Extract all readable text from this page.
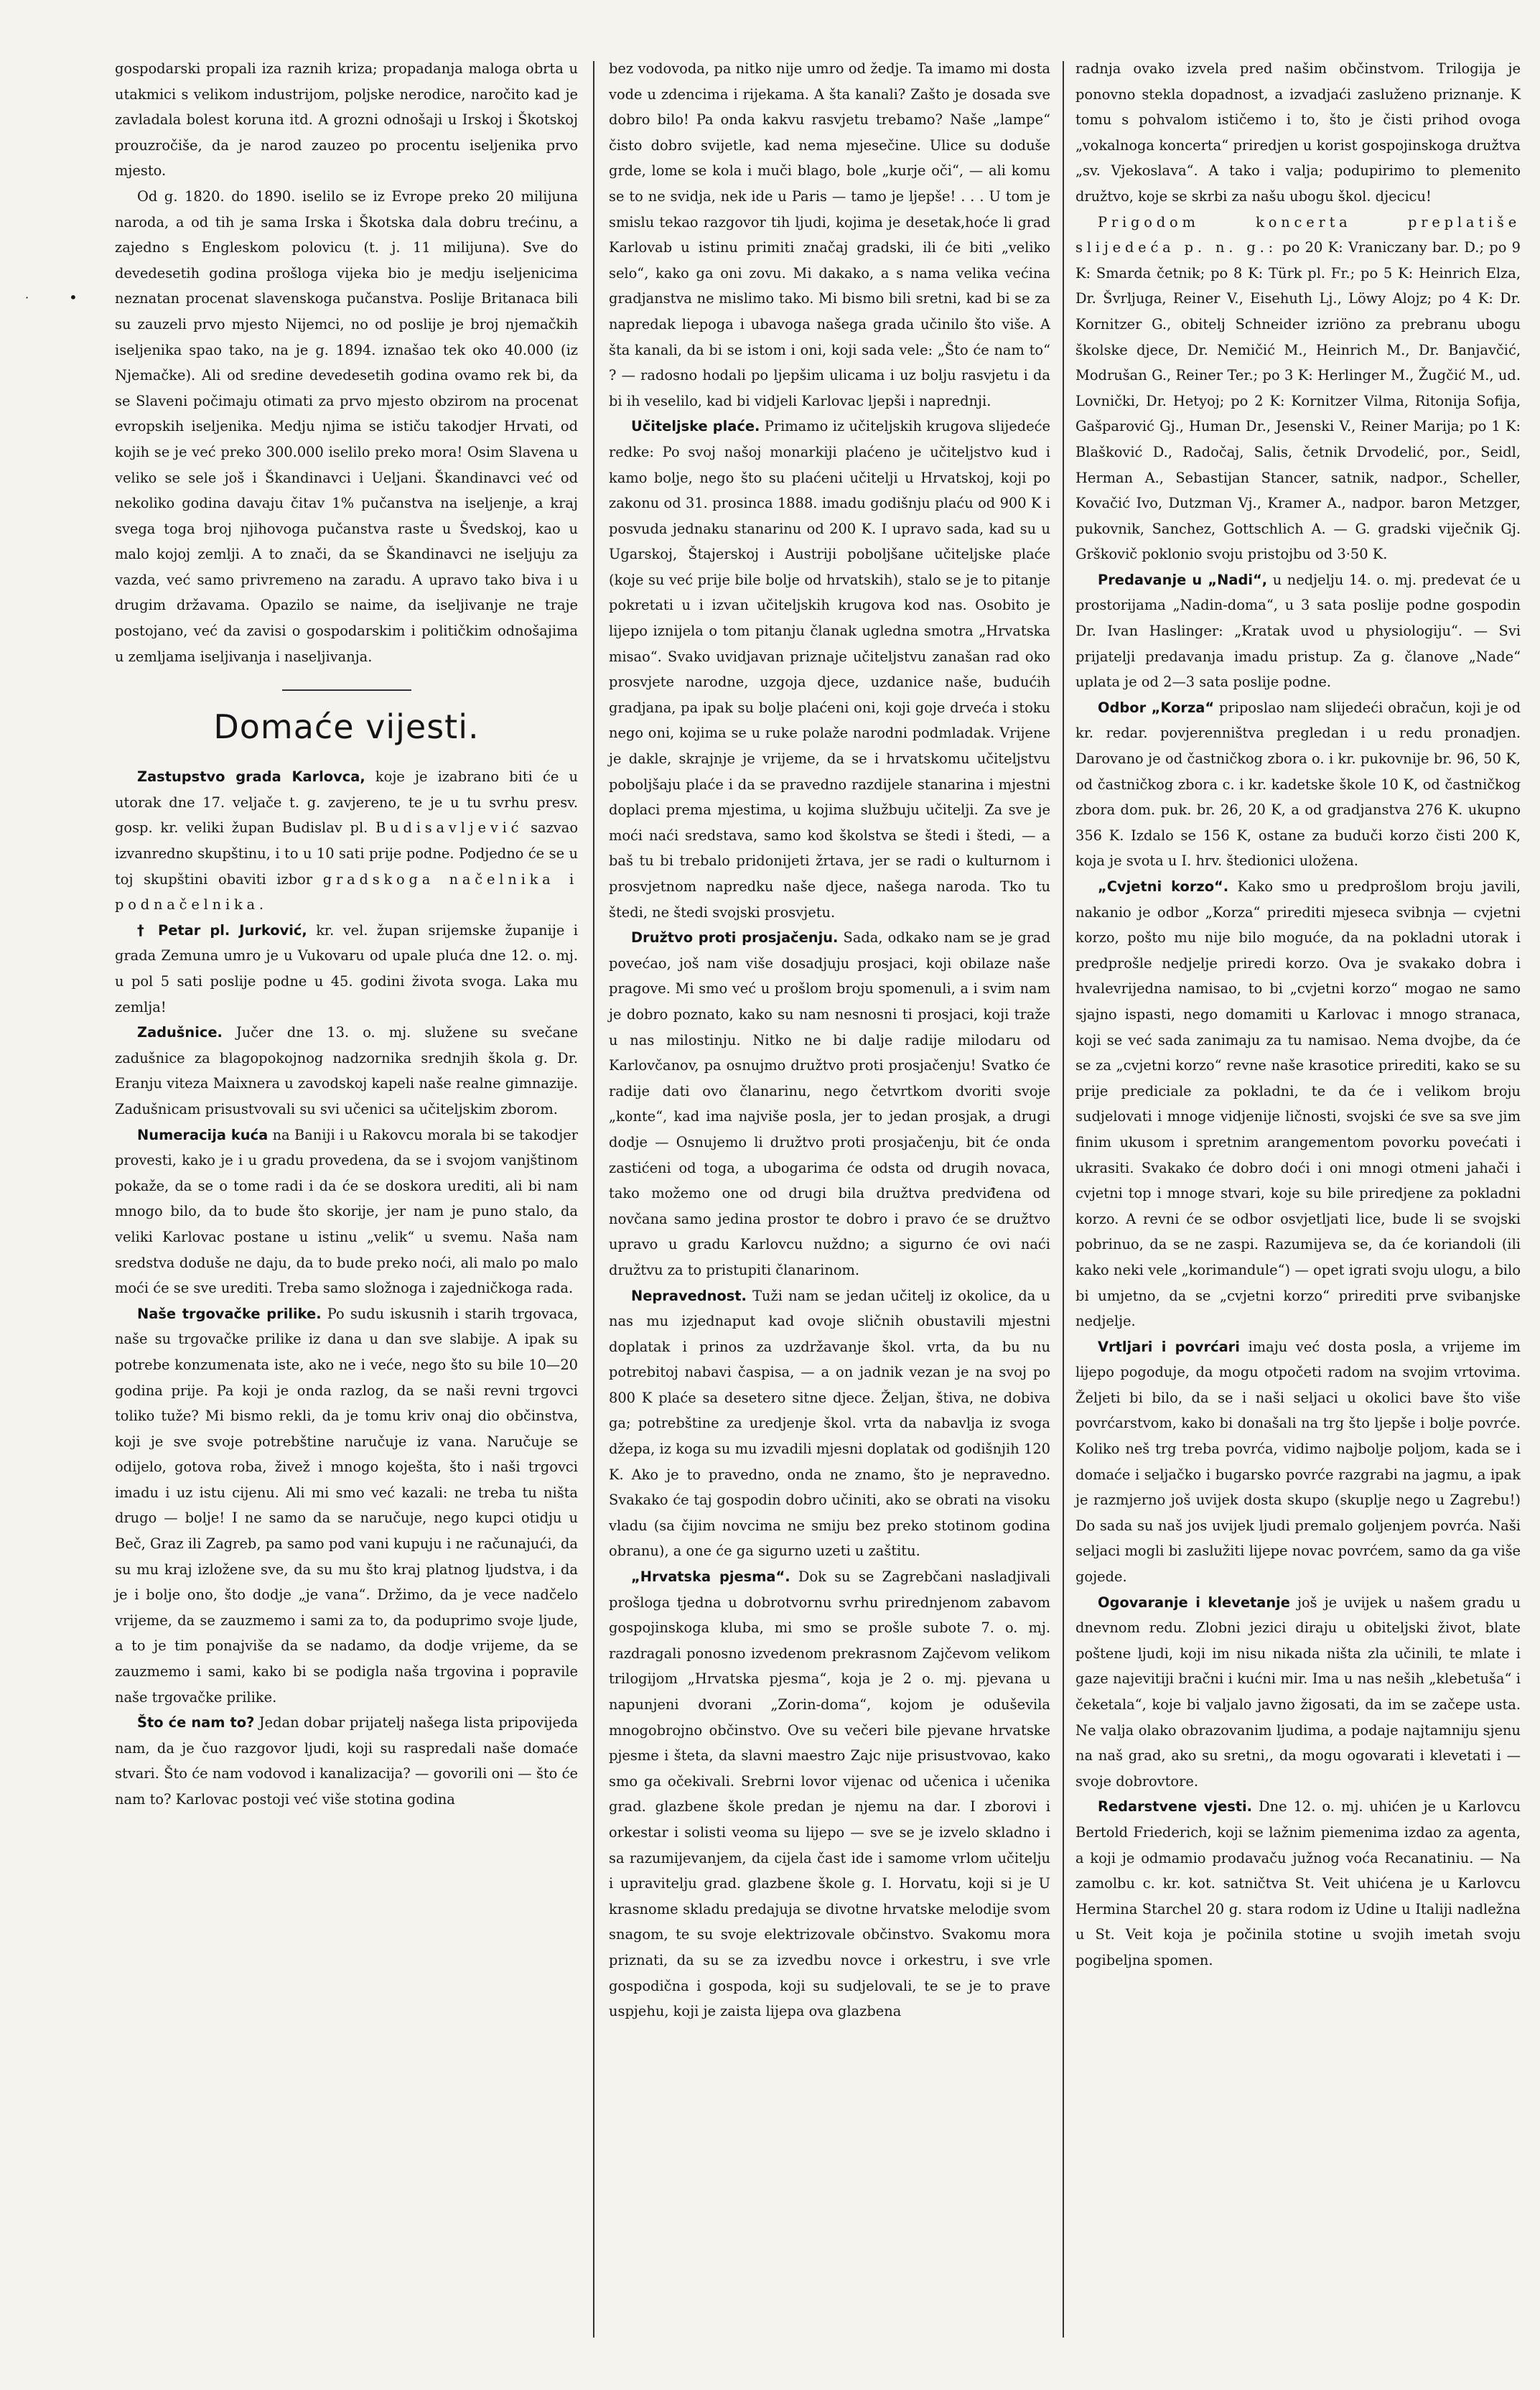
•
·

gospodarski propali iza raznih kriza; propadanja maloga obrta u utakmici s velikom industrijom, poljske nerodice, naročito kad je zavladala bolest koruna itd. A grozni odnošaji u Irskoj i Škotskoj prouzročiše, da je narod zauzeo po procentu iseljenika prvo mjesto.

Od g. 1820. do 1890. iselilo se iz Evrope preko 20 milijuna naroda, a od tih je sama Irska i Škotska dala dobru trećinu, a zajedno s Engleskom polovicu (t. j. 11 milijuna). Sve do devedesetih godina prošloga vijeka bio je medju iseljenicima neznatan procenat slavenskoga pučanstva. Poslije Britanaca bili su zauzeli prvo mjesto Nijemci, no od poslije je broj njemačkih iseljenika spao tako, na je g. 1894. iznašao tek oko 40.000 (iz Njemačke). Ali od sredine devedesetih godina ovamo rek bi, da se Slaveni počimaju otimati za prvo mjesto obzirom na procenat evropskih iseljenika. Medju njima se ističu takodjer Hrvati, od kojih se je već preko 300.000 iselilo preko mora! Osim Slavena u veliko se sele još i Škandinavci i Ueljani. Škandinavci već od nekoliko godina davaju čitav 1% pučanstva na iseljenje, a kraj svega toga broj njihovoga pučanstva raste u Švedskoj, kao u malo kojoj zemlji. A to znači, da se Škandinavci ne iseljuju za vazda, već samo privremeno na zaradu. A upravo tako biva i u drugim državama. Opazilo se naime, da iseljivanje ne traje postojano, već da zavisi o gospodarskim i političkim odnošajima u zemljama iseljivanja i naseljivanja.

Domaće vijesti.

Zastupstvo grada Karlovca, koje je izabrano biti će u utorak dne 17. veljače t. g. zavjereno, te je u tu svrhu presv. gosp. kr. veliki župan Budislav pl. Budisavljević sazvao izvanredno skupštinu, i to u 10 sati prije podne. Podjedno će se u toj skupštini obaviti izbor gradskoga načelnika i podnačelnika.

† Petar pl. Jurković, kr. vel. župan srijemske županije i grada Zemuna umro je u Vukovaru od upale pluća dne 12. o. mj. u pol 5 sati poslije podne u 45. godini života svoga. Laka mu zemlja!

Zadušnice. Jučer dne 13. o. mj. služene su svečane zadušnice za blagopokojnog nadzornika srednjih škola g. Dr. Eranju viteza Maixnera u zavodskoj kapeli naše realne gimnazije. Zadušnicam prisustvovali su svi učenici sa učiteljskim zborom.

Numeracija kuća na Baniji i u Rakovcu morala bi se takodjer provesti, kako je i u gradu provedena, da se i svojom vanjštinom pokaže, da se o tome radi i da će se doskora urediti, ali bi nam mnogo bilo, da to bude što skorije, jer nam je puno stalo, da veliki Karlovac postane u istinu „velik“ u svemu. Naša nam sredstva doduše ne daju, da to bude preko noći, ali malo po malo moći će se sve urediti. Treba samo složnoga i zajedničkoga rada.

Naše trgovačke prilike. Po sudu iskusnih i starih trgovaca, naše su trgovačke prilike iz dana u dan sve slabije. A ipak su potrebe konzumenata iste, ako ne i veće, nego što su bile 10—20 godina prije. Pa koji je onda razlog, da se naši revni trgovci toliko tuže? Mi bismo rekli, da je tomu kriv onaj dio občinstva, koji je sve svoje potrebštine naručuje iz vana. Naručuje se odijelo, gotova roba, živež i mnogo koješta, što i naši trgovci imadu i uz istu cijenu. Ali mi smo već kazali: ne treba tu ništa drugo — bolje! I ne samo da se naručuje, nego kupci otidju u Beč, Graz ili Zagreb, pa samo pod vani kupuju i ne računajući, da su mu kraj izložene sve, da su mu što kraj platnog ljudstva, i da je i bolje ono, što dodje „je vana“. Držimo, da je vece nadčelo vrijeme, da se zauzmemo i sami za to, da poduprimo svoje ljude, a to je tim ponajviše da se nadamo, da dodje vrijeme, da se zauzmemo i sami, kako bi se podigla naša trgovina i popravile naše trgovačke prilike.

Što će nam to? Jedan dobar prijatelj našega lista pripovijeda nam, da je čuo razgovor ljudi, koji su raspredali naše domaće stvari. Što će nam vodovod i kanalizacija? — govorili oni — što će nam to? Karlovac postoji već više stotina godina

bez vodovoda, pa nitko nije umro od žedje. Ta imamo mi dosta vode u zdencima i rijekama. A šta kanali? Zašto je dosada sve dobro bilo! Pa onda kakvu rasvjetu trebamo? Naše „lampe“ čisto dobro svijetle, kad nema mjesečine. Ulice su doduše grde, lome se kola i muči blago, bole „kurje oči“, — ali komu se to ne svidja, nek ide u Paris — tamo je ljepše! . . . U tom je smislu tekao razgovor tih ljudi, kojima je desetak,hoće li grad Karlovab u istinu primiti značaj gradski, ili će biti „veliko selo“, kako ga oni zovu. Mi dakako, a s nama velika većina gradjanstva ne mislimo tako. Mi bismo bili sretni, kad bi se za napredak liepoga i ubavoga našega grada učinilo što više. A šta kanali, da bi se istom i oni, koji sada vele: „Što će nam to“ ? — radosno hodali po ljepšim ulicama i uz bolju rasvjetu i da bi ih veselilo, kad bi vidjeli Karlovac ljepši i naprednji.

Učiteljske plaće. Primamo iz učiteljskih krugova slijedeće redke: Po svoj našoj monarkiji plaćeno je učiteljstvo kud i kamo bolje, nego što su plaćeni učitelji u Hrvatskoj, koji po zakonu od 31. prosinca 1888. imadu godišnju plaću od 900 K i posvuda jednaku stanarinu od 200 K. I upravo sada, kad su u Ugarskoj, Štajerskoj i Austriji poboljšane učiteljske plaće (koje su već prije bile bolje od hrvatskih), stalo se je to pitanje pokretati u i izvan učiteljskih krugova kod nas. Osobito je lijepo iznijela o tom pitanju članak ugledna smotra „Hrvatska misao“. Svako uvidjavan priznaje učiteljstvu zanašan rad oko prosvjete narodne, uzgoja djece, uzdanice naše, budućih gradjana, pa ipak su bolje plaćeni oni, koji goje drveća i stoku nego oni, kojima se u ruke polaže narodni podmladak. Vrijene je dakle, skrajnje je vrijeme, da se i hrvatskomu učiteljstvu poboljšaju plaće i da se pravedno razdijele stanarina i mjestni doplaci prema mjestima, u kojima službuju učitelji. Za sve je moći naći sredstava, samo kod školstva se štedi i štedi, — a baš tu bi trebalo pridonijeti žrtava, jer se radi o kulturnom i prosvjetnom napredku naše djece, našega naroda. Tko tu štedi, ne štedi svojski prosvjetu.

Družtvo proti prosjačenju. Sada, odkako nam se je grad povećao, još nam više dosadjuju prosjaci, koji obilaze naše pragove. Mi smo već u prošlom broju spomenuli, a i svim nam je dobro poznato, kako su nam nesnosni ti prosjaci, koji traže u nas milostinju. Nitko ne bi dalje radije milodaru od Karlovčanov, pa osnujmo družtvo proti prosjačenju! Svatko će radije dati ovo članarinu, nego četvrtkom dvoriti svoje „konte“, kad ima najviše posla, jer to jedan prosjak, a drugi dodje — Osnujemo li družtvo proti prosjačenju, bit će onda zastićeni od toga, a ubogarima će odsta od drugih novaca, tako možemo one od drugi bila družtva predviđena od novčana samo jedina prostor te dobro i pravo će se družtvo upravo u gradu Karlovcu nuždno; a sigurno će ovi naći družtvu za to pristupiti članarinom.

Nepravednost. Tuži nam se jedan učitelj iz okolice, da u nas mu izjednaput kad ovoje sličnih obustavili mjestni doplatak i prinos za uzdržavanje škol. vrta, da bu nu potrebitoj nabavi časpisa, — a on jadnik vezan je na svoj po 800 K plaće sa desetero sitne djece. Željan, štiva, ne dobiva ga; potrebštine za uredjenje škol. vrta da nabavlja iz svoga džepa, iz koga su mu izvadili mjesni doplatak od godišnjih 120 K. Ako je to pravedno, onda ne znamo, što je nepravedno. Svakako će taj gospodin dobro učiniti, ako se obrati na visoku vladu (sa čijim novcima ne smiju bez preko stotinom godina obranu), a one će ga sigurno uzeti u zaštitu.

„Hrvatska pjesma“. Dok su se Zagrebčani nasladjivali prošloga tjedna u dobrotvornu svrhu prirednjenom zabavom gospojinskoga kluba, mi smo se prošle subote 7. o. mj. razdragali ponosno izvedenom prekrasnom Zajčevom velikom trilogijom „Hrvatska pjesma“, koja je 2 o. mj. pjevana u napunjeni dvorani „Zorin-doma“, kojom je oduševila mnogobrojno občinstvo. Ove su večeri bile pjevane hrvatske pjesme i šteta, da slavni maestro Zajc nije prisustvovao, kako smo ga očekivali. Srebrni lovor vijenac od učenica i učenika grad. glazbene škole predan je njemu na dar. I zborovi i orkestar i solisti veoma su lijepo — sve se je izvelo skladno i sa razumijevanjem, da cijela čast ide i samome vrlom učitelju i upravitelju grad. glazbene škole g. I. Horvatu, koji si je U krasnome skladu predajuja se divotne hrvatske melodije svom snagom, te su svoje elektrizovale občinstvo. Svakomu mora priznati, da su se za izvedbu novce i orkestru, i sve vrle gospodična i gospoda, koji su sudjelovali, te se je to prave uspjehu, koji je zaista lijepa ova glazbena

radnja ovako izvela pred našim občinstvom. Trilogija je ponovno stekla dopadnost, a izvadjaći zasluženo priznanje. K tomu s pohvalom ističemo i to, što je čisti prihod ovoga „vokalnoga koncerta“ priredjen u korist gospojinskoga družtva „sv. Vjekoslava“. A tako i valja; podupirimo to plemenito družtvo, koje se skrbi za našu ubogu škol. djecicu!

Prigodom koncerta preplatiše slijedeća p. n. g.: po 20 K: Vraniczany bar. D.; po 9 K: Smarda četnik; po 8 K: Türk pl. Fr.; po 5 K: Heinrich Elza, Dr. Švrljuga, Reiner V., Eisehuth Lj., Löwy Alojz; po 4 K: Dr. Kornitzer G., obitelj Schneider izriöno za prebranu ubogu školske djece, Dr. Nemičić M., Heinrich M., Dr. Banjavčić, Modrušan G., Reiner Ter.; po 3 K: Herlinger M., Žugčić M., ud. Lovnički, Dr. Hetyoj; po 2 K: Kornitzer Vilma, Ritonija Sofija, Gašparović Gj., Human Dr., Jesenski V., Reiner Marija; po 1 K: Blašković D., Radočaj, Salis, četnik Drvodelić, por., Seidl, Herman A., Sebastijan Stancer, satnik, nadpor., Scheller, Kovačić Ivo, Dutzman Vj., Kramer A., nadpor. baron Metzger, pukovnik, Sanchez, Gottschlich A. — G. gradski viječnik Gj. Grškovič poklonio svoju pristojbu od 3·50 K.

Predavanje u „Nadi“, u nedjelju 14. o. mj. predevat će u prostorijama „Nadin-doma“, u 3 sata poslije podne gospodin Dr. Ivan Haslinger: „Kratak uvod u physiologiju“. — Svi prijatelji predavanja imadu pristup. Za g. članove „Nade“ uplata je od 2—3 sata poslije podne.

Odbor „Korza“ priposlao nam slijedeći obračun, koji je od kr. redar. povjerenništva pregledan i u redu pronadjen. Darovano je od častničkog zbora o. i kr. pukovnije br. 96, 50 K, od častničkog zbora c. i kr. kadetske škole 10 K, od častničkog zbora dom. puk. br. 26, 20 K, a od gradjanstva 276 K. ukupno 356 K. Izdalo se 156 K, ostane za buduči korzo čisti 200 K, koja je svota u I. hrv. štedionici uložena.

„Cvjetni korzo“. Kako smo u predprošlom broju javili, nakanio je odbor „Korza“ prirediti mjeseca svibnja — cvjetni korzo, pošto mu nije bilo moguće, da na pokladni utorak i predprošle nedjelje priredi korzo. Ova je svakako dobra i hvalevrijedna namisao, to bi „cvjetni korzo“ mogao ne samo sjajno ispasti, nego domamiti u Karlovac i mnogo stranaca, koji se već sada zanimaju za tu namisao. Nema dvojbe, da će se za „cvjetni korzo“ revne naše krasotice prirediti, kako se su prije prediciale za pokladni, te da će i velikom broju sudjelovati i mnoge vidjenije ličnosti, svojski će sve sa sve jim finim ukusom i spretnim arangementom povorku povećati i ukrasiti. Svakako će dobro doći i oni mnogi otmeni jahači i cvjetni top i mnoge stvari, koje su bile priredjene za pokladni korzo. A revni će se odbor osvjetljati lice, bude li se svojski pobrinuo, da se ne zaspi. Razumijeva se, da će koriandoli (ili kako neki vele „korimandule“) — opet igrati svoju ulogu, a bilo bi umjetno, da se „cvjetni korzo“ prirediti prve svibanjske nedjelje.

Vrtljari i povrćari imaju već dosta posla, a vrijeme im lijepo pogoduje, da mogu otpočeti radom na svojim vrtovima. Željeti bi bilo, da se i naši seljaci u okolici bave što više povrćarstvom, kako bi donašali na trg što ljepše i bolje povrće. Koliko neš trg treba povrća, vidimo najbolje poljom, kada se i domaće i seljačko i bugarsko povrće razgrabi na jagmu, a ipak je razmjerno još uvijek dosta skupo (skuplje nego u Zagrebu!) Do sada su naš jos uvijek ljudi premalo goljenjem povrća. Naši seljaci mogli bi zaslužiti lijepe novac povrćem, samo da ga više gojede.

Ogovaranje i klevetanje još je uvijek u našem gradu u dnevnom redu. Zlobni jezici diraju u obiteljski život, blate poštene ljudi, koji im nisu nikada ništa zla učinili, te mlate i gaze najevitiji bračni i kućni mir. Ima u nas neših „klebetuša“ i čeketala“, koje bi valjalo javno žigosati, da im se začepe usta. Ne valja olako obrazovanim ljudima, a podaje najtamniju sjenu na naš grad, ako su sretni,, da mogu ogovarati i klevetati i — svoje dobrovtore.

Redarstvene vjesti. Dne 12. o. mj. uhićen je u Karlovcu Bertold Friederich, koji se lažnim piemenima izdao za agenta, a koji je odmamio prodavaču južnog voća Recanatiniu. — Na zamolbu c. kr. kot. satničtva St. Veit uhićena je u Karlovcu Hermina Starchel 20 g. stara rodom iz Udine u Italiji nadležna u St. Veit koja je počinila stotine u svojih imetah svoju pogibeljna spomen.
